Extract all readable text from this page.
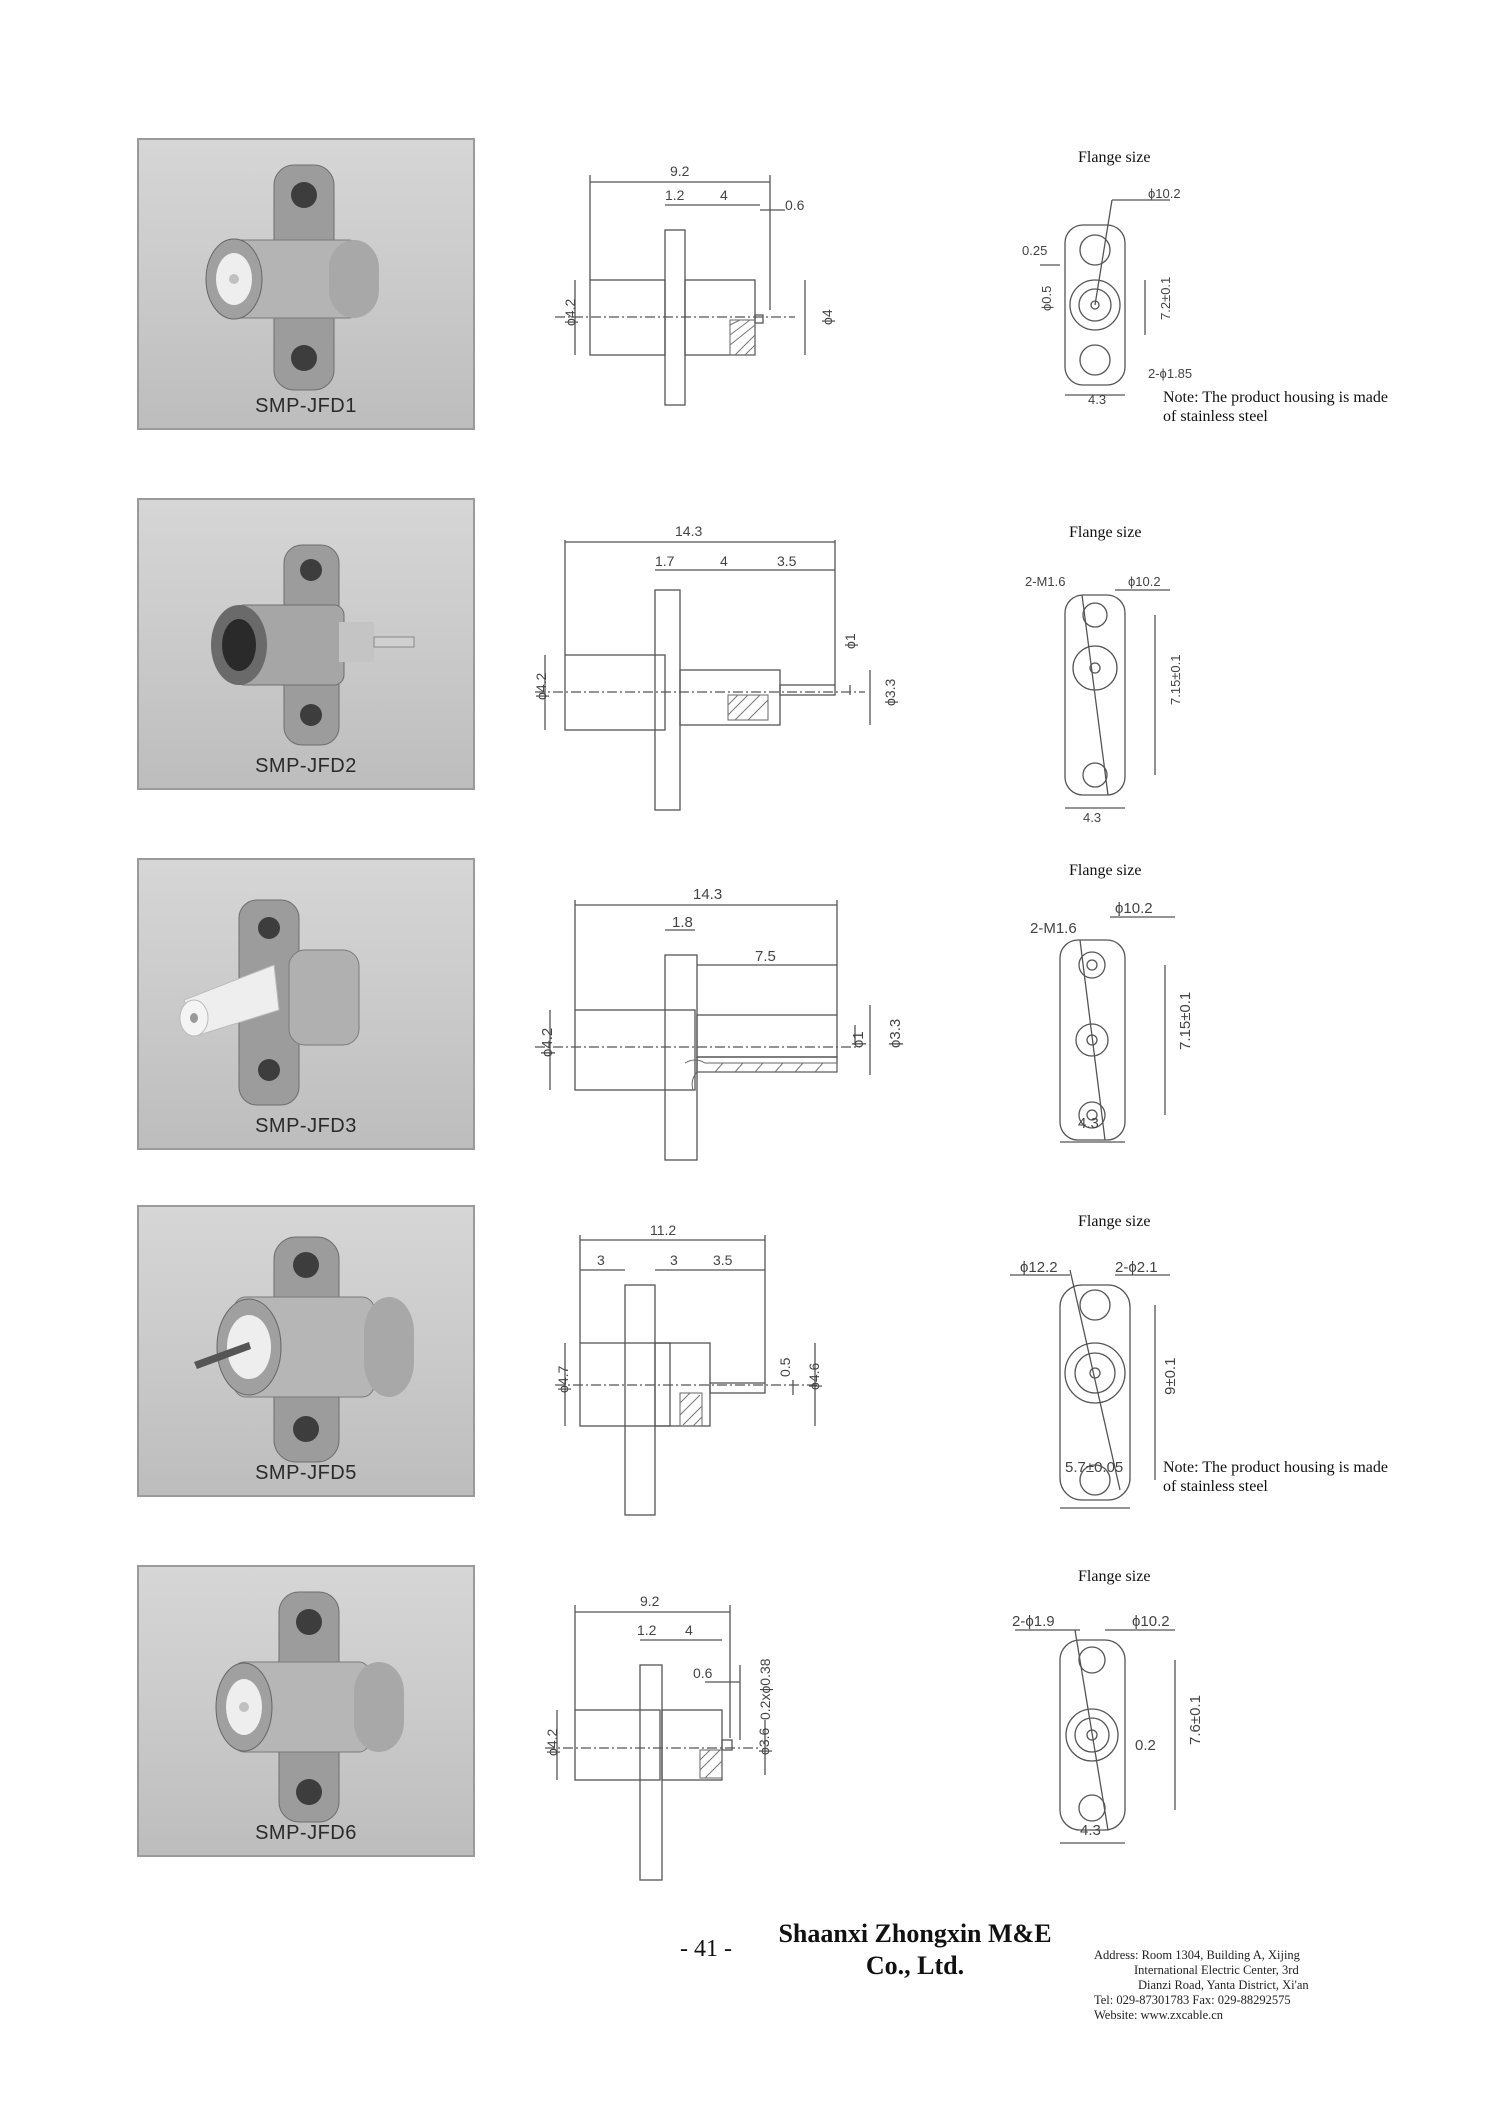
SMP-JFD1
9.2
1.2	4
0.6
ϕ4.2	ϕ4
Flange size
ϕ10.2
0.25
ϕ0.5	7.2±0.1
2-ϕ1.85
4.3	Note: The product housing is made of stainless steel
SMP-JFD2
14.3
1.7	4	3.5
ϕ4.2
ϕ1
ϕ3.3
Flange size
2-M1.6	ϕ10.2
7.15±0.1
4.3
SMP-JFD3
14.3
1.8
7.5
ϕ4.2	ϕ1 ϕ3.3
Flange size
2-M1.6
ϕ10.2
7.15±0.1
4.3
SMP-JFD5
11.2
3	3	3.5
ϕ4.7	0.5 ϕ4.6
Flange size
ϕ12.2	2-ϕ2.1
9±0.1
5.7±0.05 Note: The product housing is made of stainless steel
SMP-JFD6
9.2
1.2 4
0.6	0.2xϕ0.38
ϕ4.2	ϕ3.6
Flange size
2-ϕ1.9	ϕ10.2
7.6±0.1
0.2
4.3
- 41 -
Shaanxi Zhongxin M&E
Co., Ltd.	Address: Room 1304, Building A, Xijing
International Electric Center, 3rd
Dianzi Road, Yanta District, Xi'an
Tel: 029-87301783 Fax: 029-88292575
Website: www.zxcable.cn
